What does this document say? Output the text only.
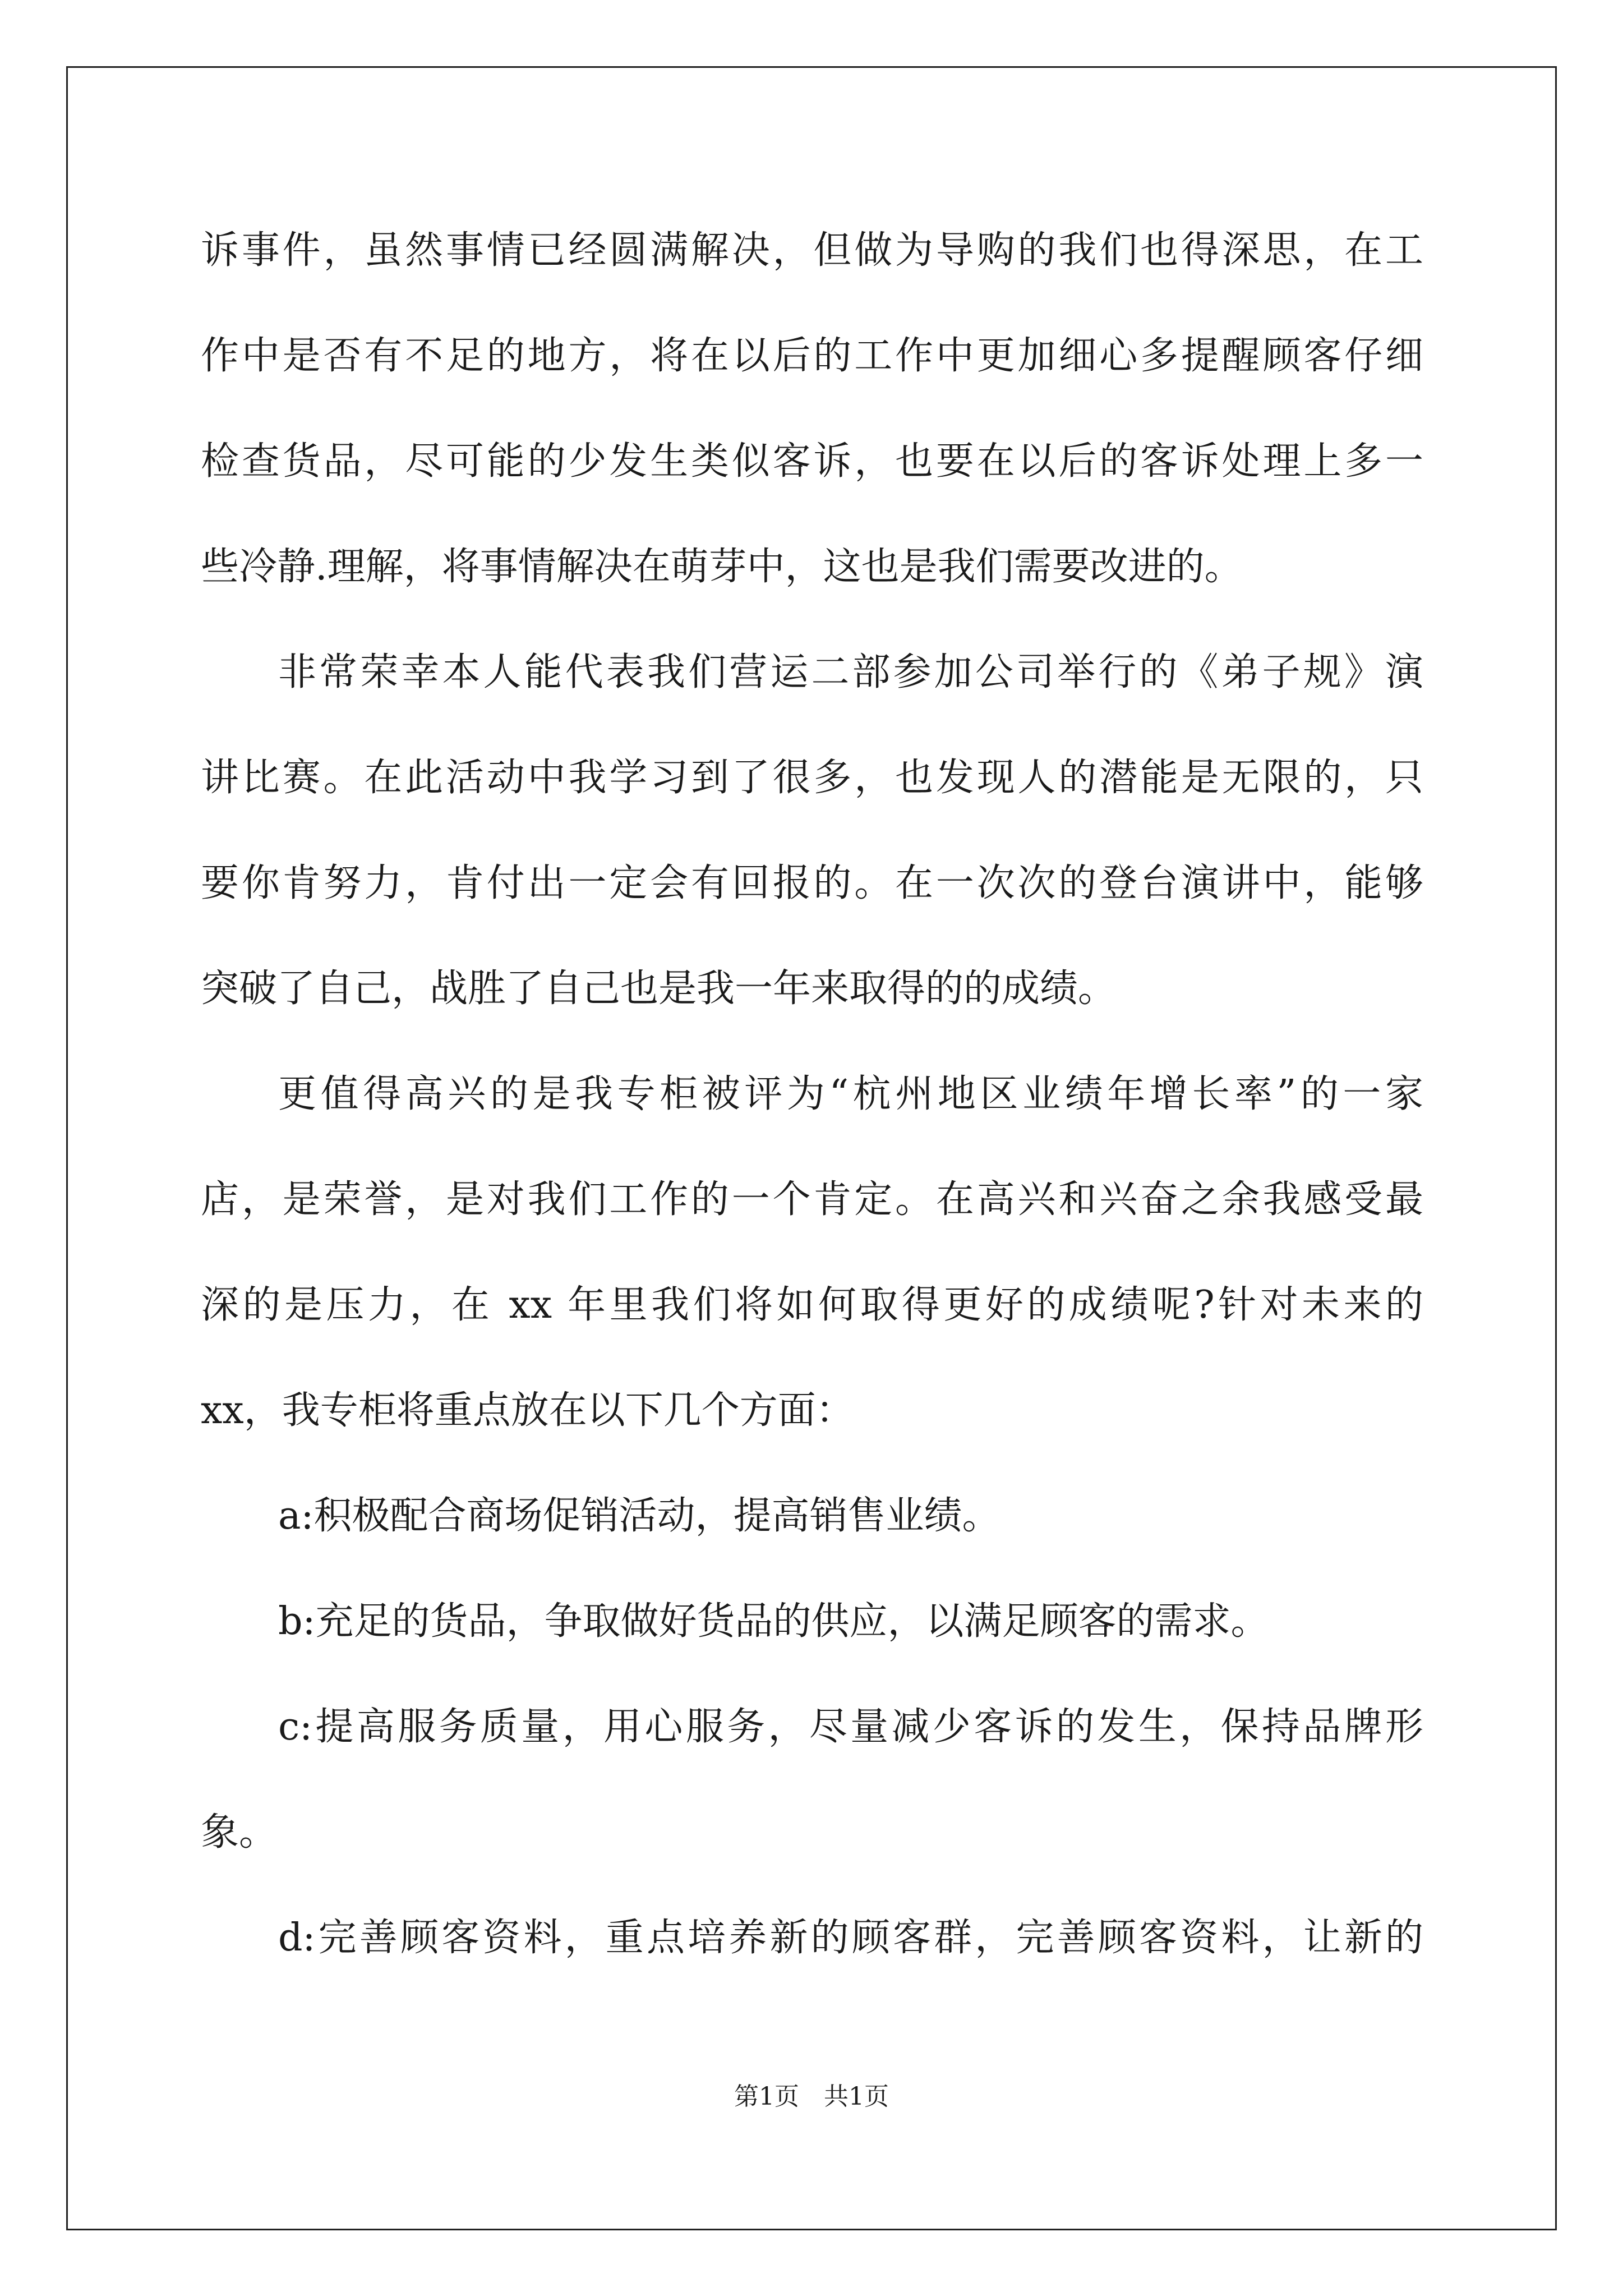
诉事件，虽然事情已经圆满解决，但做为导购的我们也得深思，在工
作中是否有不足的地方，将在以后的工作中更加细心多提醒顾客仔细
检查货品，尽可能的少发生类似客诉，也要在以后的客诉处理上多一
些冷静.理解，将事情解决在萌芽中，这也是我们需要改进的。
非常荣幸本人能代表我们营运二部参加公司举行的《弟子规》演
讲比赛。在此活动中我学习到了很多，也发现人的潜能是无限的，只
要你肯努力，肯付出一定会有回报的。在一次次的登台演讲中，能够
突破了自己，战胜了自己也是我一年来取得的的成绩。
更值得高兴的是我专柜被评为“杭州地区业绩年增长率”的一家
店，是荣誉，是对我们工作的一个肯定。在高兴和兴奋之余我感受最
深的是压力，在 xx 年里我们将如何取得更好的成绩呢?针对未来的
xx，我专柜将重点放在以下几个方面：
a:积极配合商场促销活动，提高销售业绩。
b:充足的货品，争取做好货品的供应，以满足顾客的需求。
c:提高服务质量，用心服务，尽量减少客诉的发生，保持品牌形
象。
d:完善顾客资料，重点培养新的顾客群，完善顾客资料，让新的
第1页 共1页
